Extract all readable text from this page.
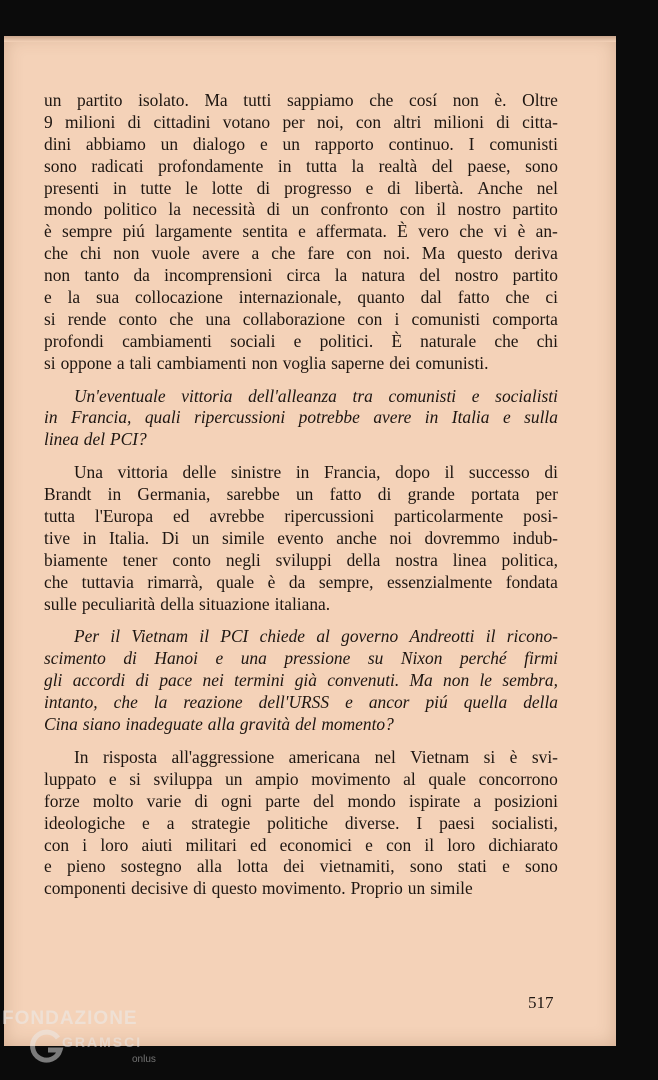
un partito isolato. Ma tutti sappiamo che cosí non è. Oltre
9 milioni di cittadini votano per noi, con altri milioni di citta-
dini abbiamo un dialogo e un rapporto continuo. I comunisti
sono radicati profondamente in tutta la realtà del paese, sono
presenti in tutte le lotte di progresso e di libertà. Anche nel
mondo politico la necessità di un confronto con il nostro partito
è sempre piú largamente sentita e affermata. È vero che vi è an-
che chi non vuole avere a che fare con noi. Ma questo deriva
non tanto da incomprensioni circa la natura del nostro partito
e la sua collocazione internazionale, quanto dal fatto che ci
si rende conto che una collaborazione con i comunisti comporta
profondi cambiamenti sociali e politici. È naturale che chi
si oppone a tali cambiamenti non voglia saperne dei comunisti.
Un'eventuale vittoria dell'alleanza tra comunisti e socialisti
in Francia, quali ripercussioni potrebbe avere in Italia e sulla
linea del PCI?
Una vittoria delle sinistre in Francia, dopo il successo di
Brandt in Germania, sarebbe un fatto di grande portata per
tutta l'Europa ed avrebbe ripercussioni particolarmente posi-
tive in Italia. Di un simile evento anche noi dovremmo indub-
biamente tener conto negli sviluppi della nostra linea politica,
che tuttavia rimarrà, quale è da sempre, essenzialmente fondata
sulle peculiarità della situazione italiana.
Per il Vietnam il PCI chiede al governo Andreotti il ricono-
scimento di Hanoi e una pressione su Nixon perché firmi
gli accordi di pace nei termini già convenuti. Ma non le sembra,
intanto, che la reazione dell'URSS e ancor piú quella della
Cina siano inadeguate alla gravità del momento?
In risposta all'aggressione americana nel Vietnam si è svi-
luppato e si sviluppa un ampio movimento al quale concorrono
forze molto varie di ogni parte del mondo ispirate a posizioni
ideologiche e a strategie politiche diverse. I paesi socialisti,
con i loro aiuti militari ed economici e con il loro dichiarato
e pieno sostegno alla lotta dei vietnamiti, sono stati e sono
componenti decisive di questo movimento. Proprio un simile
517
FONDAZIONE
GRAMSCI
onlus
